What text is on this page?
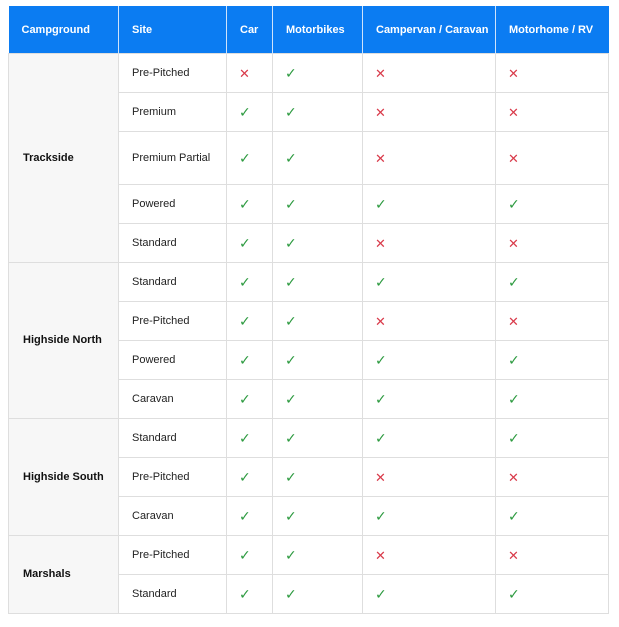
Campground	Site	Car	Motorbikes	Campervan / Caravan	Motorhome / RV
Trackside	Pre-Pitched	✕	✓	✕	✕
	Premium	✓	✓	✕	✕
	Premium Partial	✓	✓	✕	✕
	Powered	✓	✓	✓	✓
	Standard	✓	✓	✕	✕
Highside North	Standard	✓	✓	✓	✓
	Pre-Pitched	✓	✓	✕	✕
	Powered	✓	✓	✓	✓
	Caravan	✓	✓	✓	✓
Highside South	Standard	✓	✓	✓	✓
	Pre-Pitched	✓	✓	✕	✕
	Caravan	✓	✓	✓	✓
Marshals	Pre-Pitched	✓	✓	✕	✕
	Standard	✓	✓	✓	✓
